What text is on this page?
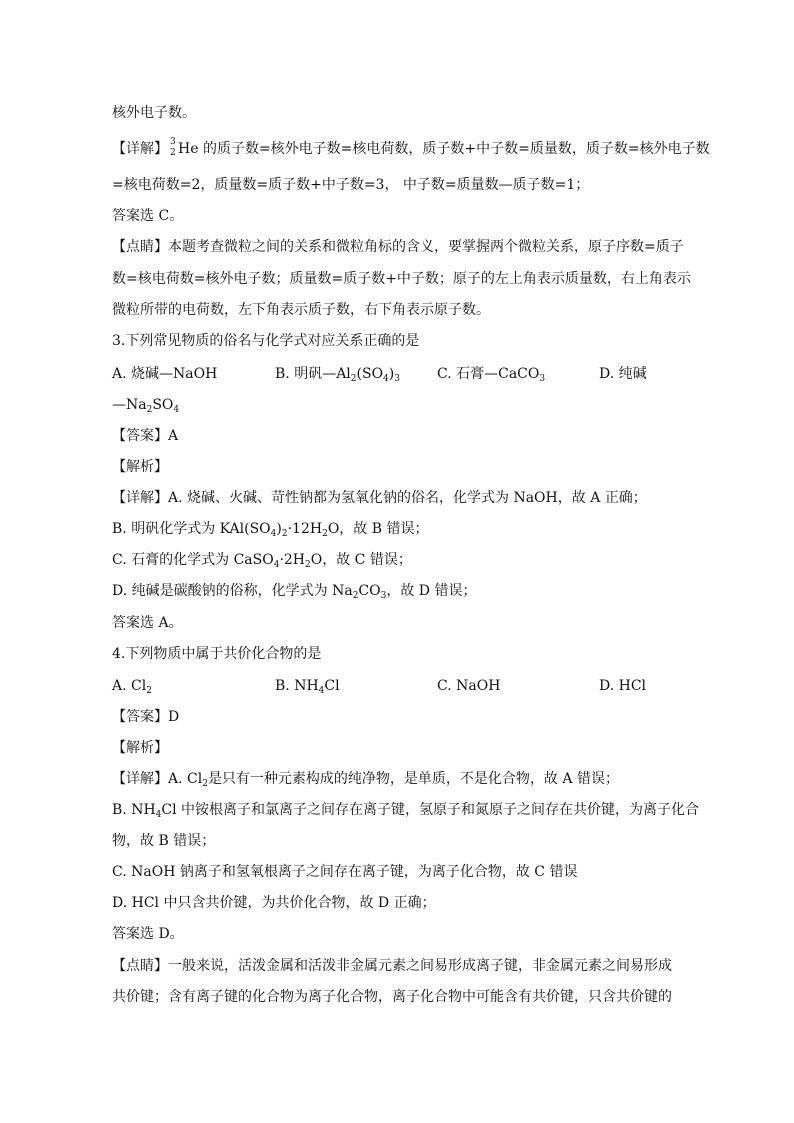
核外电子数。
【详解】 3
2 He 的质子数=核外电子数=核电荷数，质子数+中子数=质量数，质子数=核外电子数
=核电荷数=2，质量数=质子数+中子数=3， 中子数=质量数—质子数=1；
答案选 C。
【点睛】本题考查微粒之间的关系和微粒角标的含义，要掌握两个微粒关系，原子序数=质子
数=核电荷数=核外电子数；质量数=质子数+中子数；原子的左上角表示质量数，右上角表示
微粒所带的电荷数，左下角表示质子数，右下角表示原子数。
3.下列常见物质的俗名与化学式对应关系正确的是
A. 烧碱—NaOH	B. 明矾$—Al_2(SO_4)_3$	C. 石膏—CaCO$_3$	D. 纯碱
$—Na_2SO_4$
【答案】A
【解析】
【详解】A. 烧碱、火碱、苛性钠都为氢氧化钠的俗名，化学式为 NaOH，故 A 正确；
B. 明矾化学式为 $KAl(SO_4)_2\cdot 12H_2O$，故 B 错误；
C. 石膏的化学式为 $CaSO_4\cdot 2H_2O$，故 C 错误；
D. 纯碱是碳酸钠的俗称，化学式为 $Na_2CO_3$，故 D 错误；
答案选 A。
4.下列物质中属于共价化合物的是
A. $Cl_2$	B. $NH_4Cl$	C. NaOH	D. HCl
【答案】D
【解析】
【详解】A. $Cl_2$是只有一种元素构成的纯净物，是单质，不是化合物，故 A 错误；
B. $NH_4Cl$ 中铵根离子和氯离子之间存在离子键，氢原子和氮原子之间存在共价键，为离子化合
物，故 B 错误；
C. NaOH 钠离子和氢氧根离子之间存在离子键，为离子化合物，故 C 错误
D. HCl 中只含共价键，为共价化合物，故 D 正确；
答案选 D。
【点睛】一般来说，活泼金属和活泼非金属元素之间易形成离子键，非金属元素之间易形成
共价键；含有离子键的化合物为离子化合物，离子化合物中可能含有共价键，只含共价键的
